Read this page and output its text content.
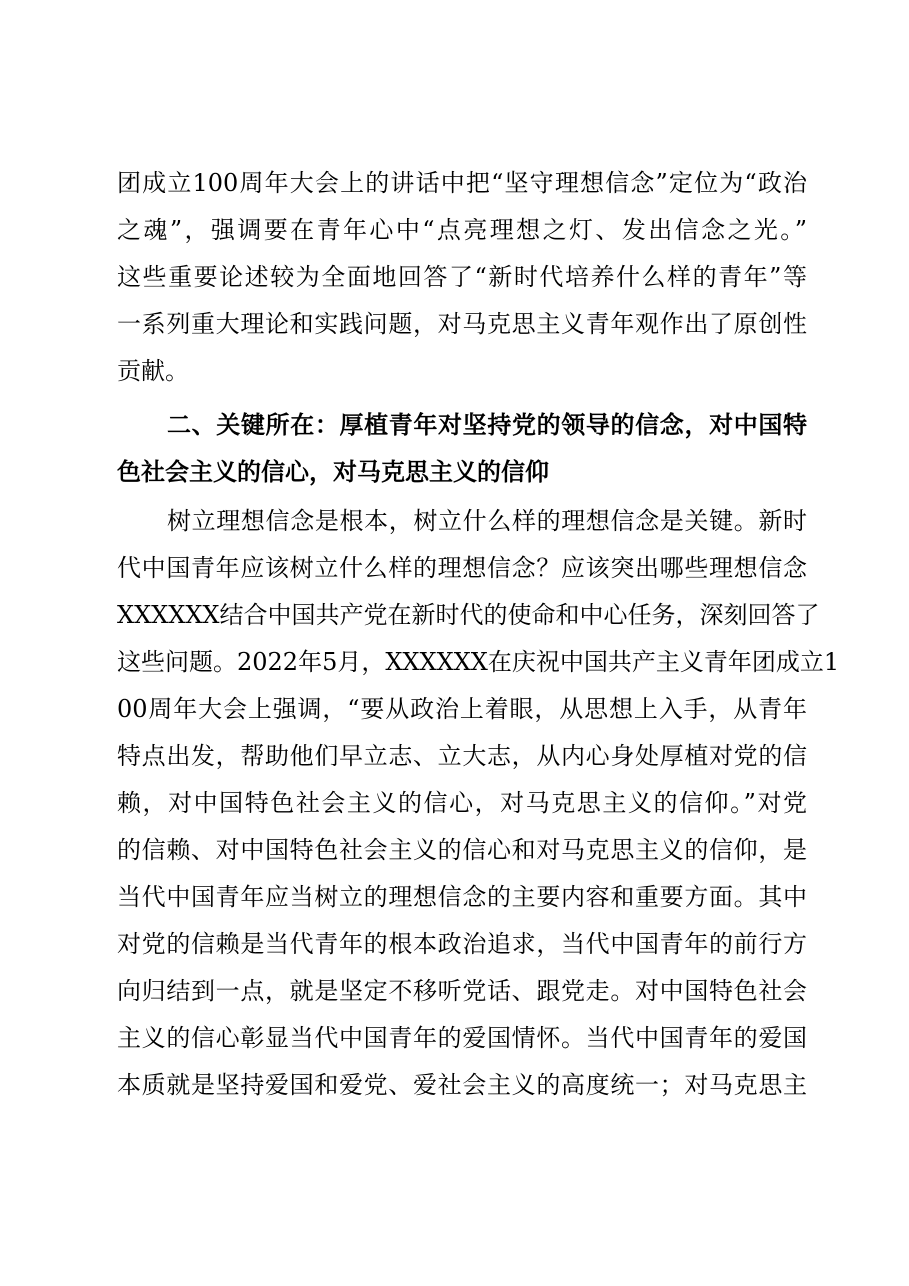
团成立100周年大会上的讲话中把“坚守理想信念”定位为“政治
之魂”，强调要在青年心中“点亮理想之灯、发出信念之光。”
这些重要论述较为全面地回答了“新时代培养什么样的青年”等
一系列重大理论和实践问题，对马克思主义青年观作出了原创性
贡献。
二、关键所在：厚植青年对坚持党的领导的信念，对中国特
色社会主义的信心，对马克思主义的信仰
树立理想信念是根本，树立什么样的理想信念是关键。新时
代中国青年应该树立什么样的理想信念？应该突出哪些理想信念
XXXXXX结合中国共产党在新时代的使命和中心任务，深刻回答了
这些问题。2022年5月，XXXXXX在庆祝中国共产主义青年团成立1
00周年大会上强调，“要从政治上着眼，从思想上入手，从青年
特点出发，帮助他们早立志、立大志，从内心身处厚植对党的信
赖，对中国特色社会主义的信心，对马克思主义的信仰。”对党
的信赖、对中国特色社会主义的信心和对马克思主义的信仰，是
当代中国青年应当树立的理想信念的主要内容和重要方面。其中
对党的信赖是当代青年的根本政治追求，当代中国青年的前行方
向归结到一点，就是坚定不移听党话、跟党走。对中国特色社会
主义的信心彰显当代中国青年的爱国情怀。当代中国青年的爱国
本质就是坚持爱国和爱党、爱社会主义的高度统一；对马克思主
